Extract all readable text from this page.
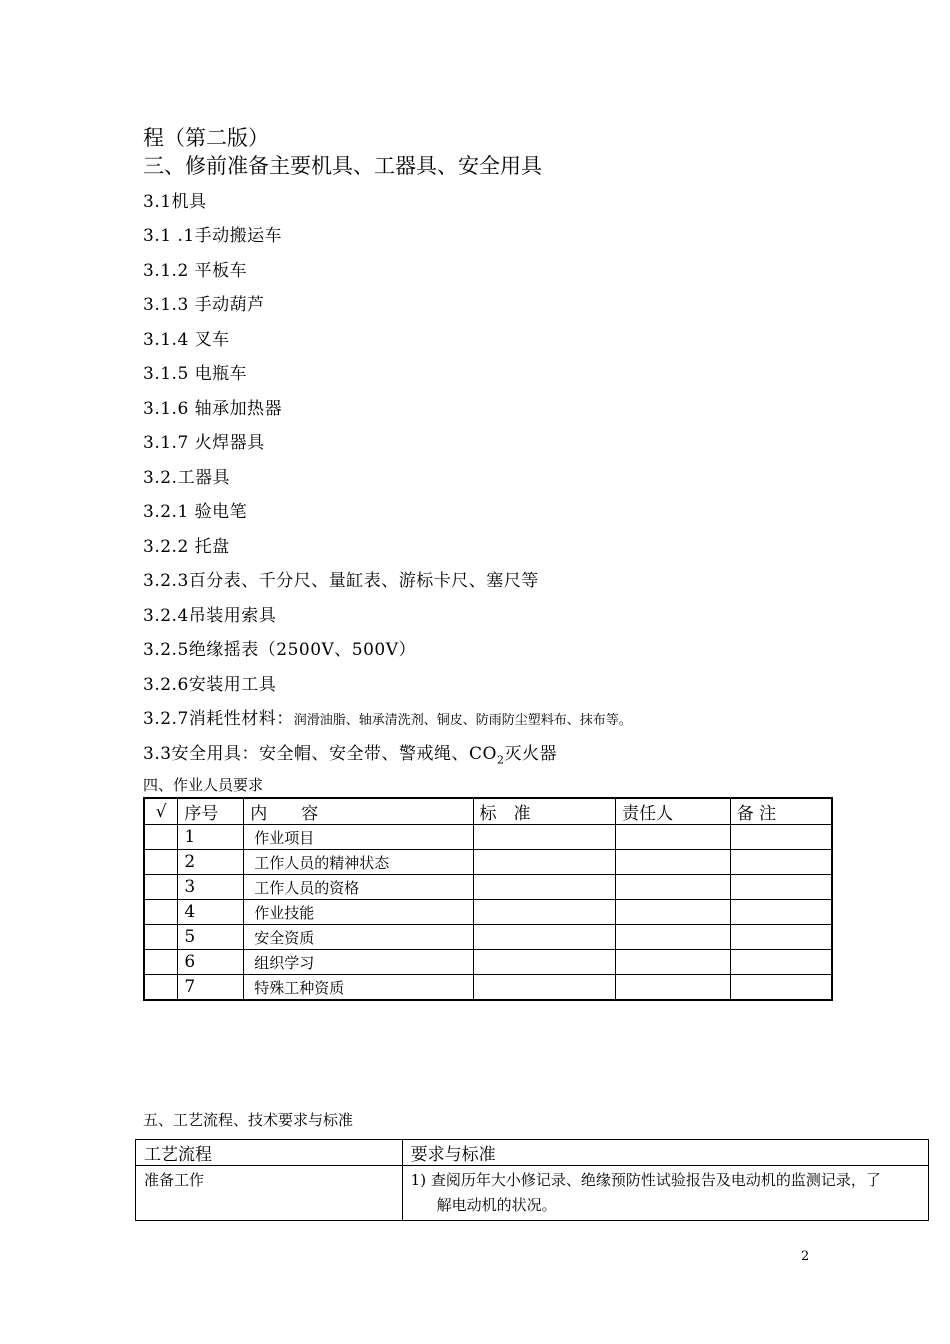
程（第二版）
三、修前准备主要机具、工器具、安全用具
3.1机具
3.1 .1手动搬运车
3.1.2 平板车
3.1.3 手动葫芦
3.1.4 叉车
3.1.5 电瓶车
3.1.6 轴承加热器
3.1.7 火焊器具
3.2.工器具
3.2.1 验电笔
3.2.2 托盘
3.2.3百分表、千分尺、量缸表、游标卡尺、塞尺等
3.2.4吊装用索具
3.2.5绝缘摇表（2500V、500V）
3.2.6安装用工具
3.2.7消耗性材料：润滑油脂、轴承清洗剂、铜皮、防雨防尘塑料布、抹布等。
3.3安全用具：安全帽、安全带、警戒绳、$CO_2$灭火器
四、作业人员要求
√	序号	内　　容	标　准	责任人	备 注
	1	作业项目			
	2	工作人员的精神状态			
	3	工作人员的资格			
	4	作业技能			
	5	安全资质			
	6	组织学习			
	7	特殊工种资质			
五、工艺流程、技术要求与标准
工艺流程	要求与标准
准备工作	1) 查阅历年大小修记录、绝缘预防性试验报告及电动机的监测记录，了
解电动机的状况。
2
